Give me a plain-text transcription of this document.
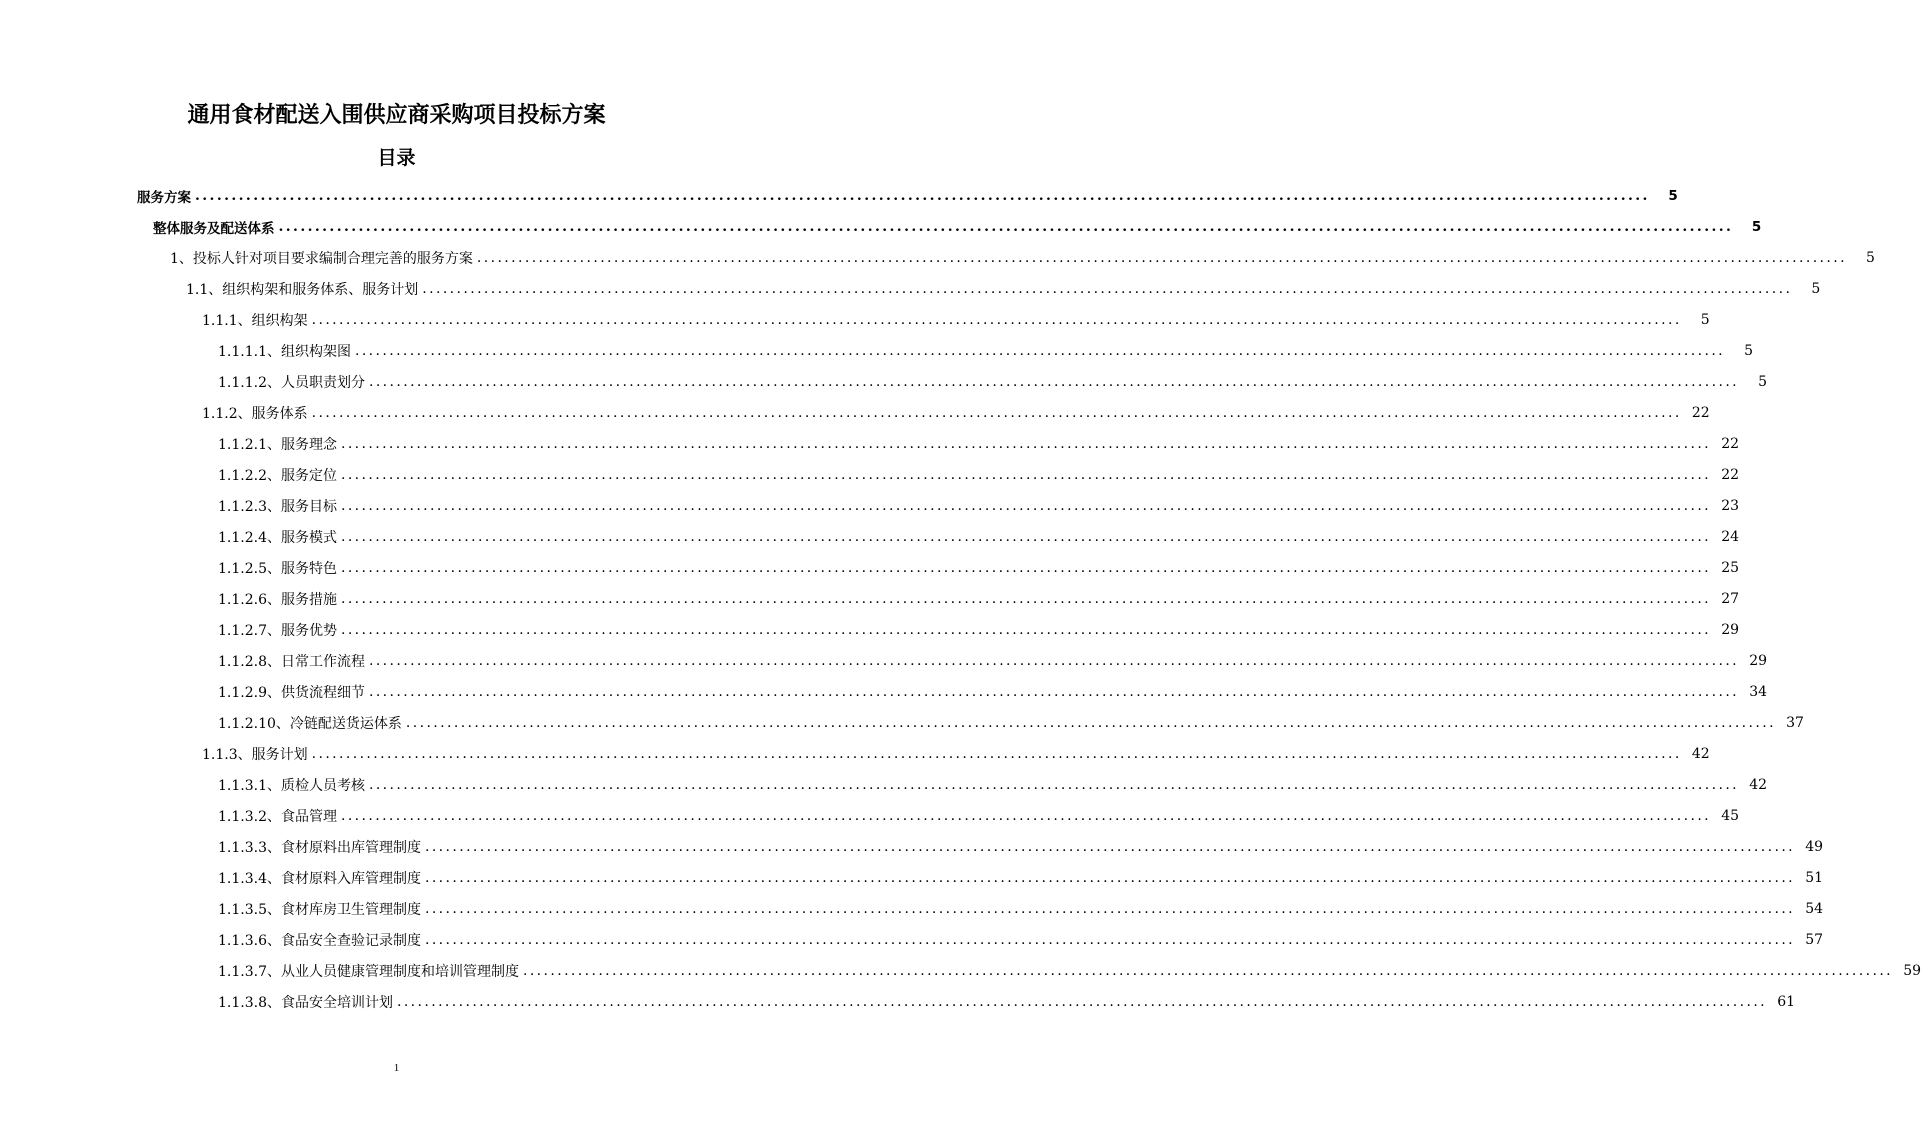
通用食材配送入围供应商采购项目投标方案
目录
服务方案 ........................................................................................................................................................................................................	5
整体服务及配送体系 ........................................................................................................................................................................................................	5
1、投标人针对项目要求编制合理完善的服务方案 ........................................................................................................................................................................................................	5
1.1、组织构架和服务体系、服务计划 ........................................................................................................................................................................................................	5
1.1.1、组织构架 ........................................................................................................................................................................................................	5
1.1.1.1、组织构架图 ........................................................................................................................................................................................................	5
1.1.1.2、人员职责划分 ........................................................................................................................................................................................................	5
1.1.2、服务体系 ........................................................................................................................................................................................................ 22
1.1.2.1、服务理念 ........................................................................................................................................................................................................ 22
1.1.2.2、服务定位 ........................................................................................................................................................................................................ 22
1.1.2.3、服务目标 ........................................................................................................................................................................................................ 23
1.1.2.4、服务模式 ........................................................................................................................................................................................................ 24
1.1.2.5、服务特色 ........................................................................................................................................................................................................ 25
1.1.2.6、服务措施 ........................................................................................................................................................................................................ 27
1.1.2.7、服务优势 ........................................................................................................................................................................................................ 29
1.1.2.8、日常工作流程 ........................................................................................................................................................................................................ 29
1.1.2.9、供货流程细节 ........................................................................................................................................................................................................ 34
1.1.2.10、冷链配送货运体系 ........................................................................................................................................................................................................ 37
1.1.3、服务计划 ........................................................................................................................................................................................................ 42
1.1.3.1、质检人员考核 ........................................................................................................................................................................................................ 42
1.1.3.2、食品管理 ........................................................................................................................................................................................................ 45
1.1.3.3、食材原料出库管理制度 ........................................................................................................................................................................................................ 49
1.1.3.4、食材原料入库管理制度 ........................................................................................................................................................................................................ 51
1.1.3.5、食材库房卫生管理制度 ........................................................................................................................................................................................................ 54
1.1.3.6、食品安全查验记录制度 ........................................................................................................................................................................................................ 57
1.1.3.7、从业人员健康管理制度和培训管理制度 ........................................................................................................................................................................................................ 59
1.1.3.8、食品安全培训计划 ........................................................................................................................................................................................................ 61
1
